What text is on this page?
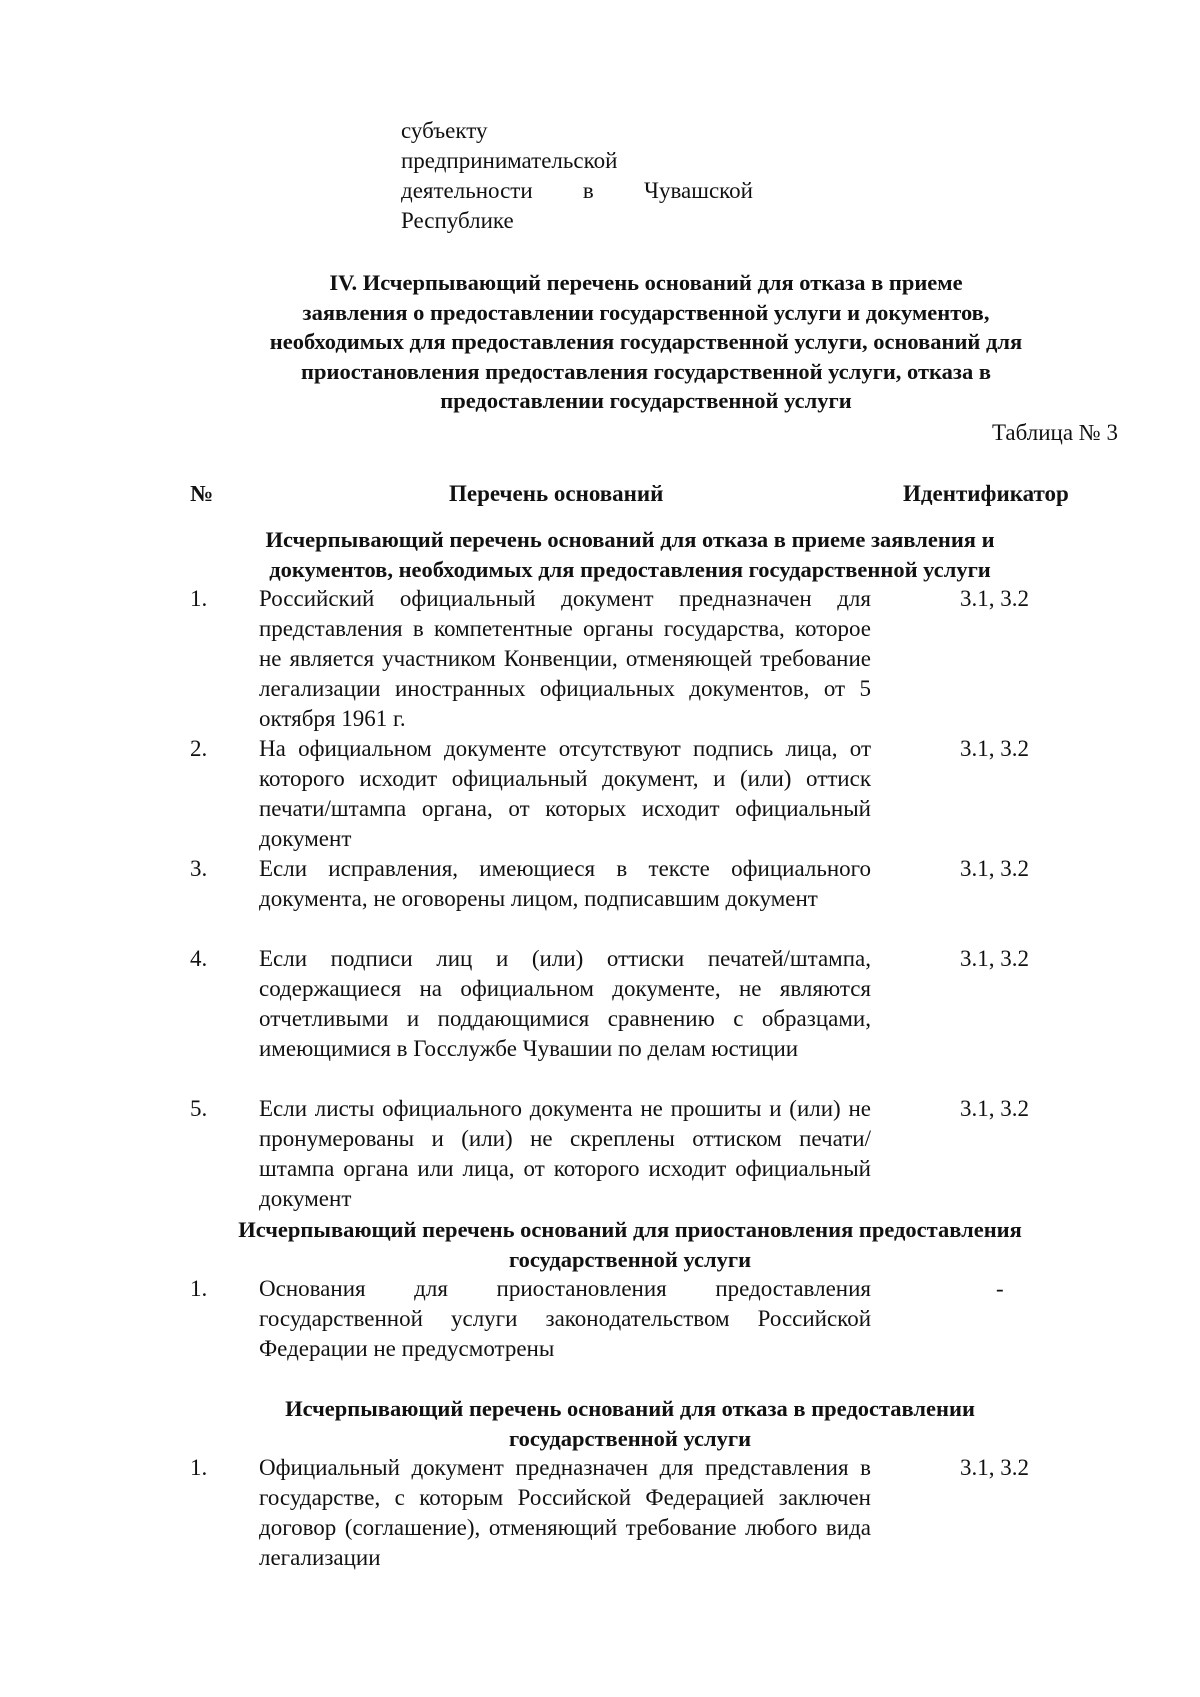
субъекту
предпринимательской
деятельности в Чувашской
Республике
IV. Исчерпывающий перечень оснований для отказа в приеме
заявления о предоставлении государственной услуги и документов,
необходимых для предоставления государственной услуги, оснований для
приостановления предоставления государственной услуги, отказа в
предоставлении государственной услуги
Таблица № 3
№	Перечень оснований	Идентификатор
Исчерпывающий перечень оснований для отказа в приеме заявления и
документов, необходимых для предоставления государственной услуги
1. Российский официальный документ предназначен для представления в компетентные органы государства, которое не является участником Конвенции, отменяющей требование легализации иностранных официальных документов, от 5 октября 1961 г.
3.1, 3.2
2. На официальном документе отсутствуют подпись лица, от которого исходит официальный документ, и (или) оттиск печати/штампа органа, от которых исходит официальный документ
3.1, 3.2
3. Если исправления, имеющиеся в тексте официального документа, не оговорены лицом, подписавшим документ
3.1, 3.2
4. Если подписи лиц и (или) оттиски печатей/штампа, содержащиеся на официальном документе, не являются отчетливыми и поддающимися сравнению с образцами, имеющимися в Госслужбе Чувашии по делам юстиции
3.1, 3.2
5. Если листы официального документа не прошиты и (или) не пронумерованы и (или) не скреплены оттиском печати/штампа органа или лица, от которого исходит официальный документ
3.1, 3.2
Исчерпывающий перечень оснований для приостановления предоставления
государственной услуги
1. Основания для приостановления предоставления государственной услуги законодательством Российской Федерации не предусмотрены
-
Исчерпывающий перечень оснований для отказа в предоставлении
государственной услуги
1. Официальный документ предназначен для представления в государстве, с которым Российской Федерацией заключен договор (соглашение), отменяющий требование любого вида легализации
3.1, 3.2
